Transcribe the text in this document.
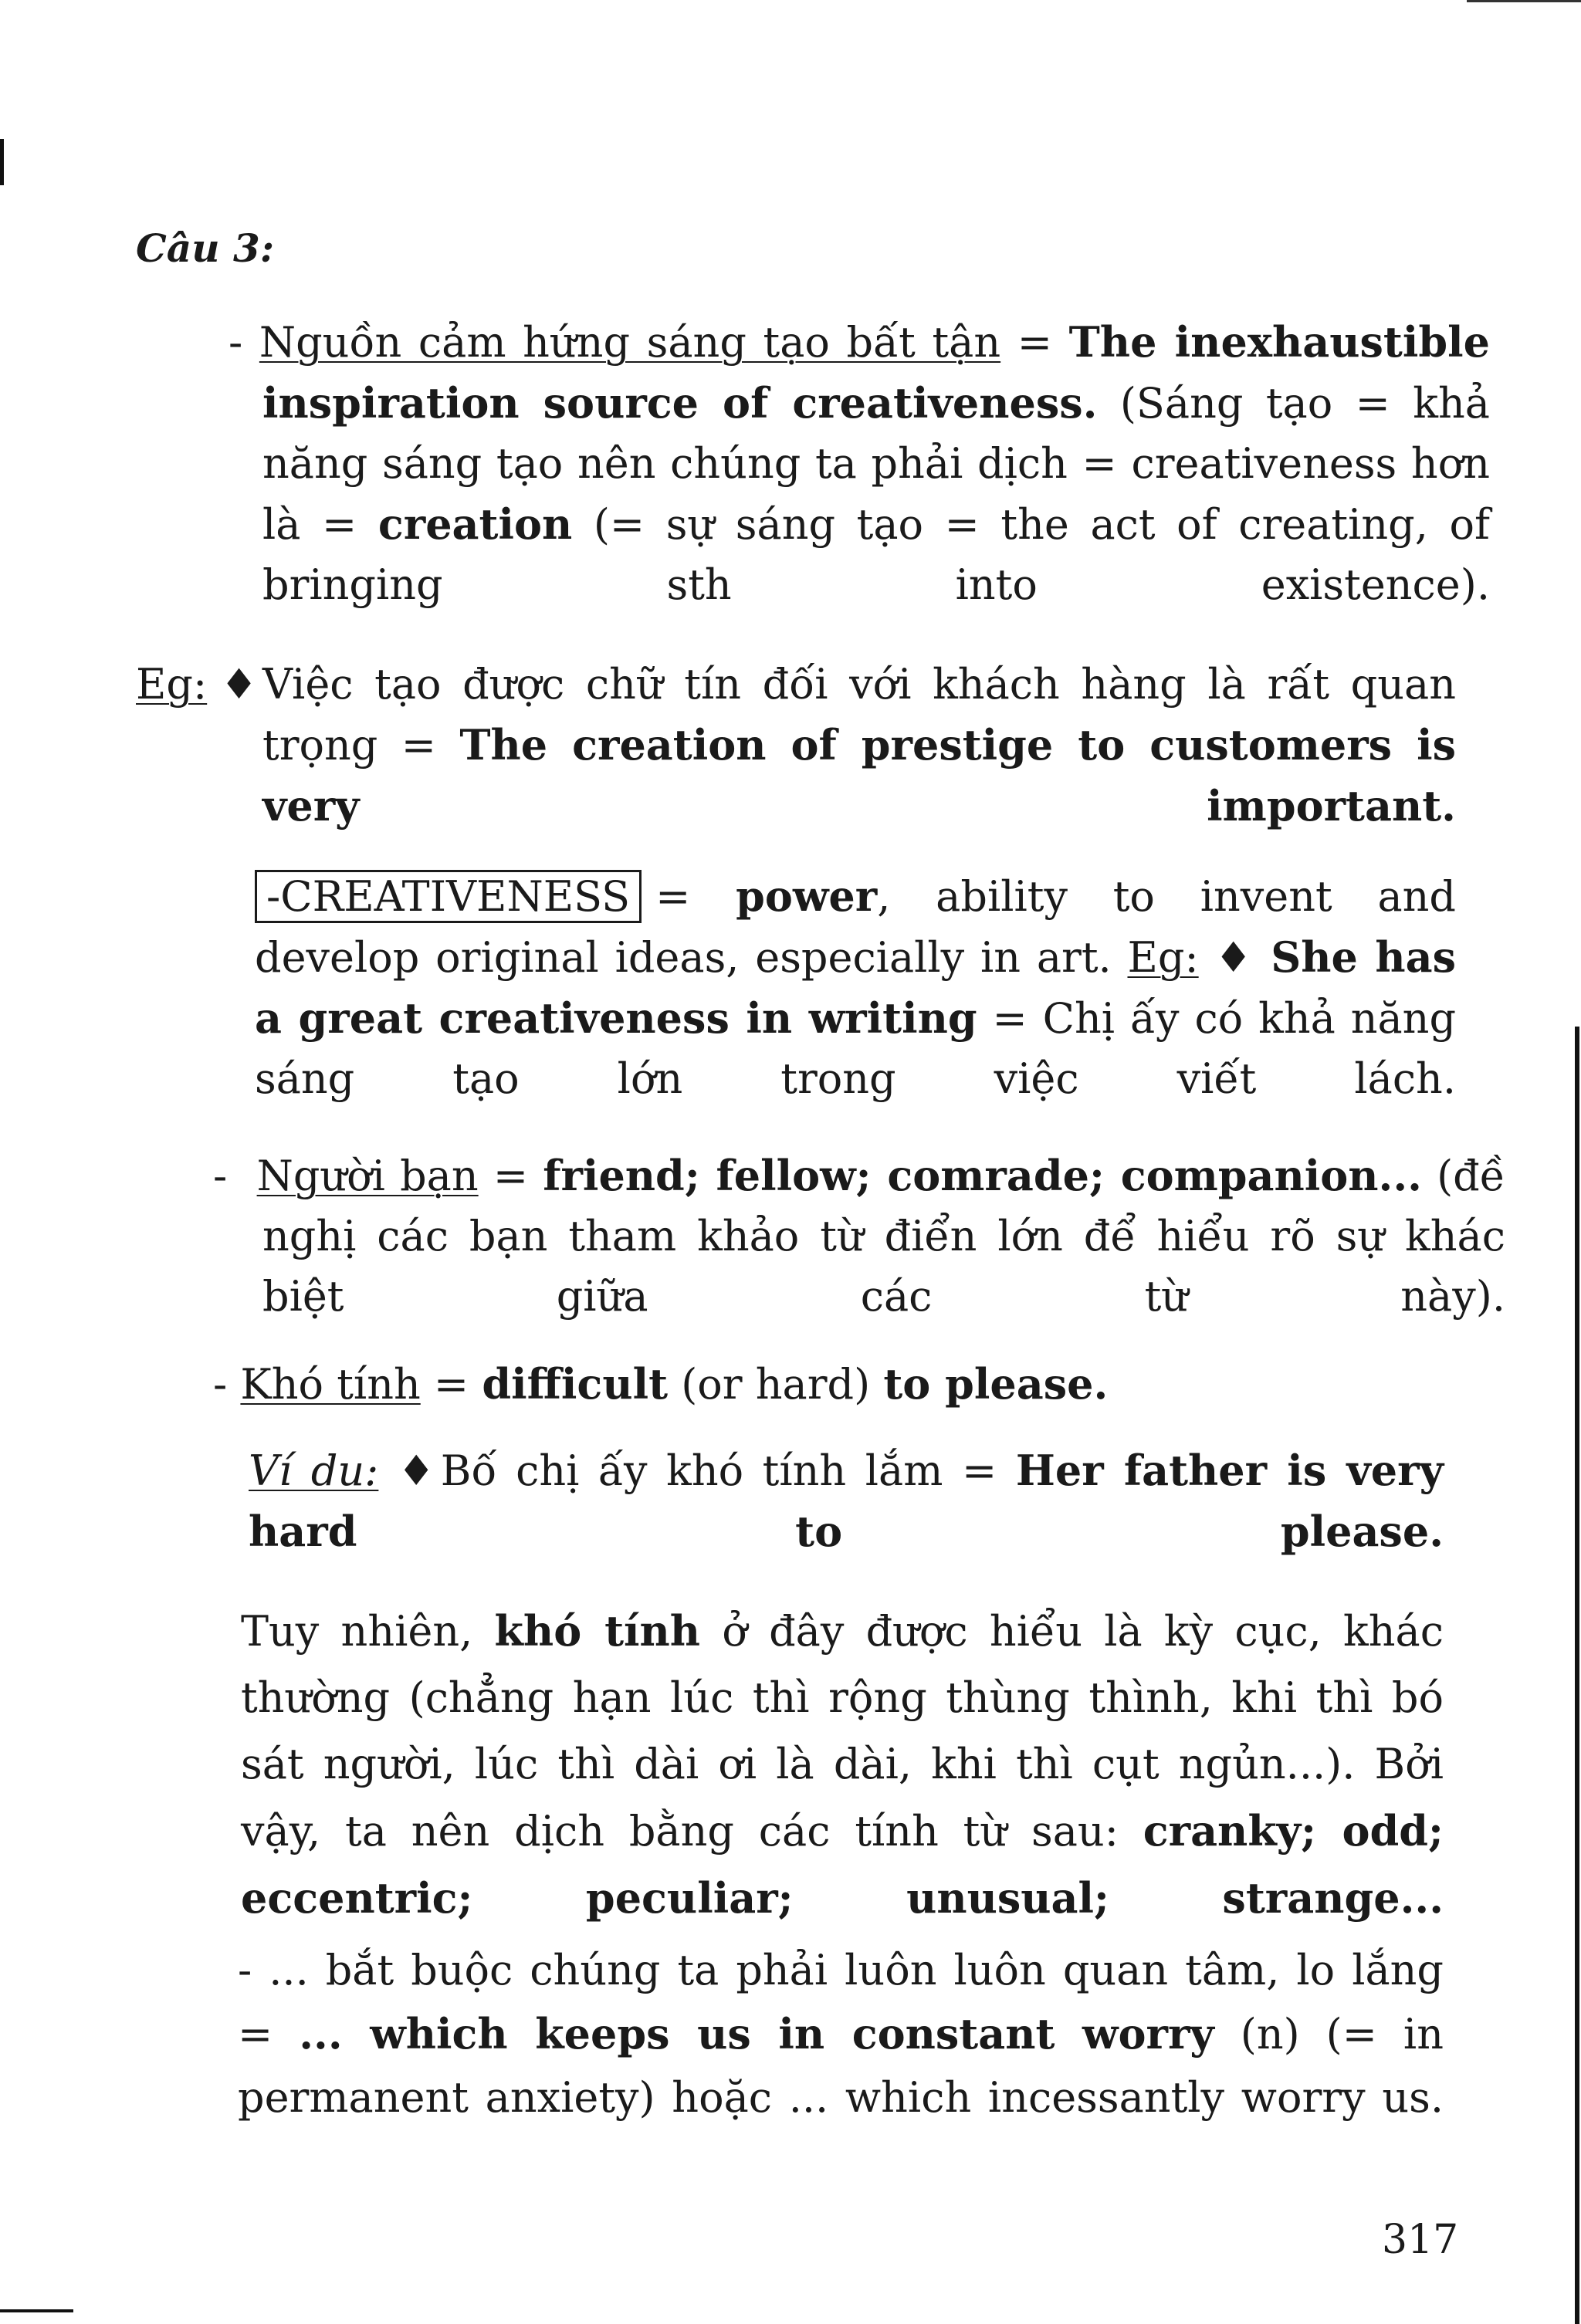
Câu 3:
- Nguồn cảm hứng sáng tạo bất tận = The inexhaustible inspiration source of creativeness. (Sáng tạo = khả năng sáng tạo nên chúng ta phải dịch = creativeness hơn là = creation (= sự sáng tạo = the act of creating, of bringing sth into existence).
Eg: ♦ Việc tạo được chữ tín đối với khách hàng là rất quan trọng = The creation of prestige to customers is very important.
-CREATIVENESS = power, ability to invent and develop original ideas, especially in art. Eg: ♦ She has a great creativeness in writing = Chị ấy có khả năng sáng tạo lớn trong việc viết lách.
- Người bạn = friend; fellow; comrade; companion... (đề nghị các bạn tham khảo từ điển lớn để hiểu rõ sự khác biệt giữa các từ này).
- Khó tính = difficult (or hard) to please.
Ví du: ♦Bố chị ấy khó tính lắm = Her father is very hard to please.
Tuy nhiên, khó tính ở đây được hiểu là kỳ cục, khác thường (chẳng hạn lúc thì rộng thùng thình, khi thì bó sát người, lúc thì dài ơi là dài, khi thì cụt ngủn...). Bởi vậy, ta nên dịch bằng các tính từ sau: cranky; odd; eccentric; peculiar; unusual; strange...
- ... bắt buộc chúng ta phải luôn luôn quan tâm, lo lắng = ... which keeps us in constant worry (n) (= in permanent anxiety) hoặc ... which incessantly worry us.
317
